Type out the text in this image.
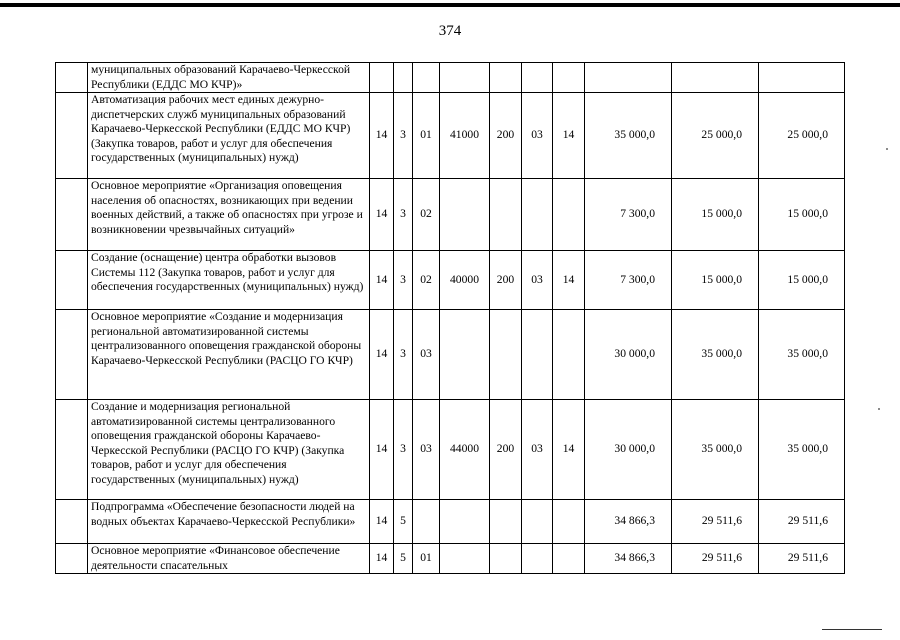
374
	муниципальных образований Карачаево-Черкесской Республики (ЕДДС МО КЧР)»										
	Автоматизация рабочих мест единых дежурно-диспетчерских служб муниципальных образований Карачаево-Черкесской Республики (ЕДДС МО КЧР) (Закупка товаров, работ и услуг для обеспечения государственных (муниципальных) нужд)	14	3	01	41000	200	03	14	35 000,0	25 000,0	25 000,0
	Основное мероприятие «Организация оповещения населения об опасностях, возникающих при ведении военных действий, а также об опасностях при угрозе и возникновении чрезвычайных ситуаций»	14	3	02					7 300,0	15 000,0	15 000,0
	Создание (оснащение) центра обработки вызовов Системы 112 (Закупка товаров, работ и услуг для обеспечения государственных (муниципальных) нужд)	14	3	02	40000	200	03	14	7 300,0	15 000,0	15 000,0
	Основное мероприятие «Создание и модернизация региональной автоматизированной системы централизованного оповещения гражданской обороны Карачаево-Черкесской Республики (РАСЦО ГО КЧР)	14	3	03					30 000,0	35 000,0	35 000,0
	Создание и модернизация региональной автоматизированной системы централизованного оповещения гражданской обороны Карачаево-Черкесской Республики (РАСЦО ГО КЧР) (Закупка товаров, работ и услуг для обеспечения государственных (муниципальных) нужд)	14	3	03	44000	200	03	14	30 000,0	35 000,0	35 000,0
	Подпрограмма «Обеспечение безопасности людей на водных объектах Карачаево-Черкесской Республики»	14	5						34 866,3	29 511,6	29 511,6
	Основное мероприятие «Финансовое обеспечение деятельности спасательных	14	5	01					34 866,3	29 511,6	29 511,6
